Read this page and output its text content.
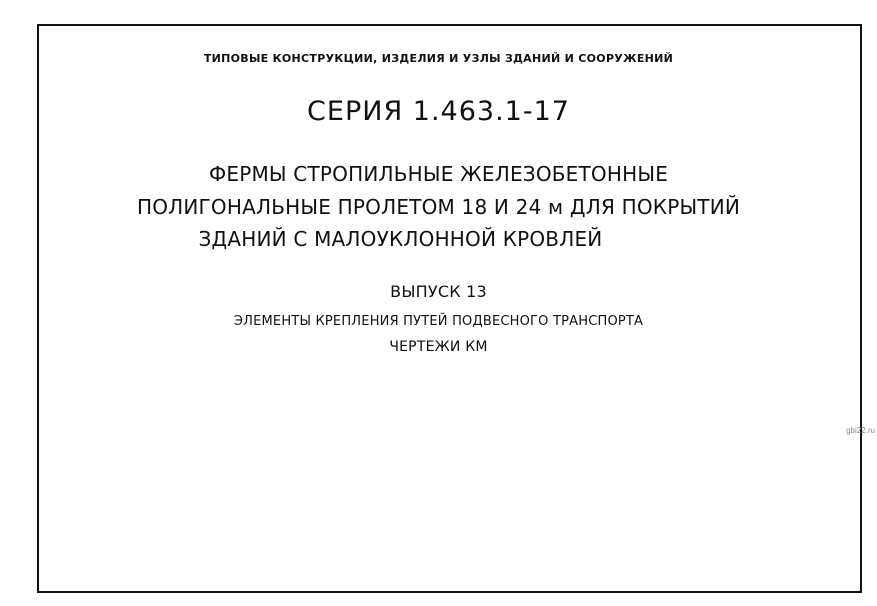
ТИПОВЫЕ КОНСТРУКЦИИ, ИЗДЕЛИЯ И УЗЛЫ ЗДАНИЙ И СООРУЖЕНИЙ
СЕРИЯ 1.463.1-17
ФЕРМЫ СТРОПИЛЬНЫЕ ЖЕЛЕЗОБЕТОННЫЕ
ПОЛИГОНАЛЬНЫЕ ПРОЛЕТОМ 18 И 24 м ДЛЯ ПОКРЫТИЙ
ЗДАНИЙ С МАЛОУКЛОННОЙ КРОВЛЕЙ
ВЫПУСК 13
ЭЛЕМЕНТЫ КРЕПЛЕНИЯ ПУТЕЙ ПОДВЕСНОГО ТРАНСПОРТА
ЧЕРТЕЖИ КМ
gbi22.ru
